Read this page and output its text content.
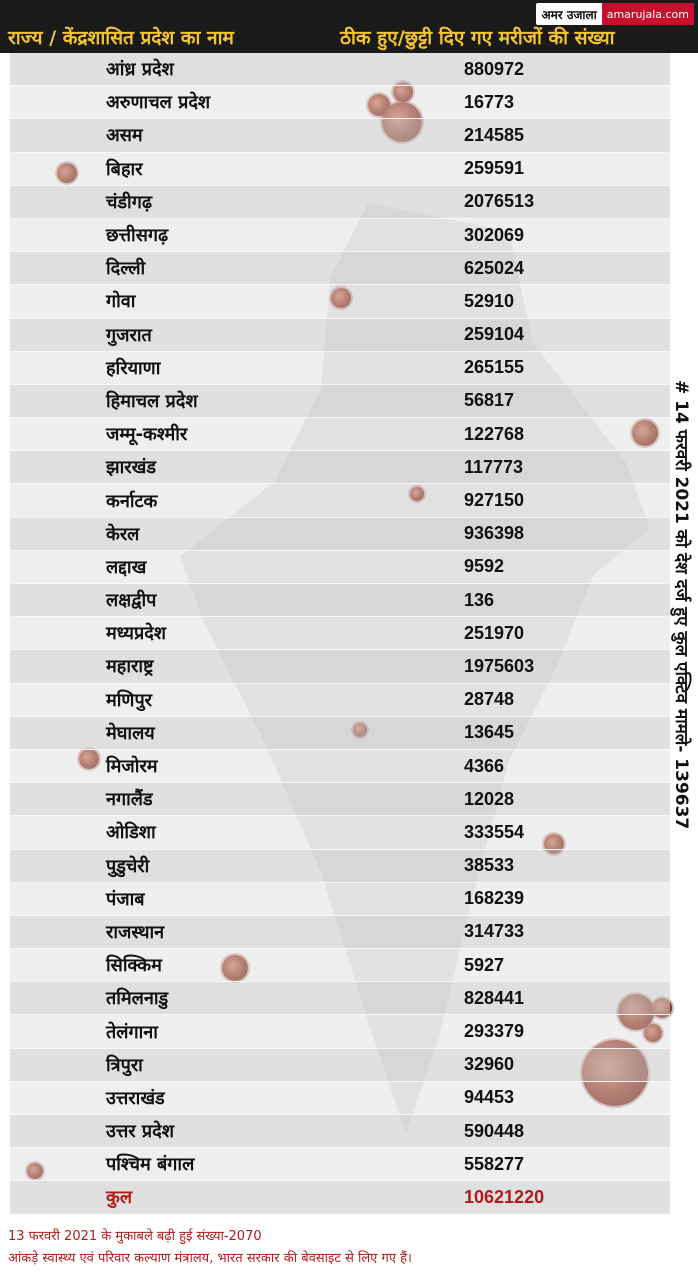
अमर उजाला amarujala.com
राज्य / केंद्रशासित प्रदेश का नाम	ठीक हुए/छुट्टी दिए गए मरीजों की संख्या
आंध्र प्रदेश	880972
अरुणाचल प्रदेश	16773
असम	214585
बिहार	259591
चंडीगढ़	2076513
छत्तीसगढ़	302069
दिल्ली	625024
गोवा	52910
गुजरात	259104
हरियाणा	265155
हिमाचल प्रदेश	56817
जम्मू-कश्मीर	122768
झारखंड	117773
कर्नाटक	927150
केरल	936398
लद्दाख	9592
लक्षद्वीप	136
मध्यप्रदेश	251970
महाराष्ट्र	1975603
मणिपुर	28748
मेघालय	13645
मिजोरम	4366
नगालैंड	12028
ओडिशा	333554
पुडुचेरी	38533
पंजाब	168239
राजस्थान	314733
सिक्किम	5927
तमिलनाडु	828441
तेलंगाना	293379
त्रिपुरा	32960
उत्तराखंड	94453
उत्तर प्रदेश	590448
पश्चिम बंगाल	558277
कुल	10621220
# 14 फरवरी 2021 को देश दर्ज हुए कुल एक्टिव मामले- 139637
13 फरवरी 2021 के मुकाबले बढ़ी हुई संख्या-2070
आंकड़े स्वास्थ्य एवं परिवार कल्याण मंत्रालय, भारत सरकार की बेवसाइट से लिए गए हैं।
